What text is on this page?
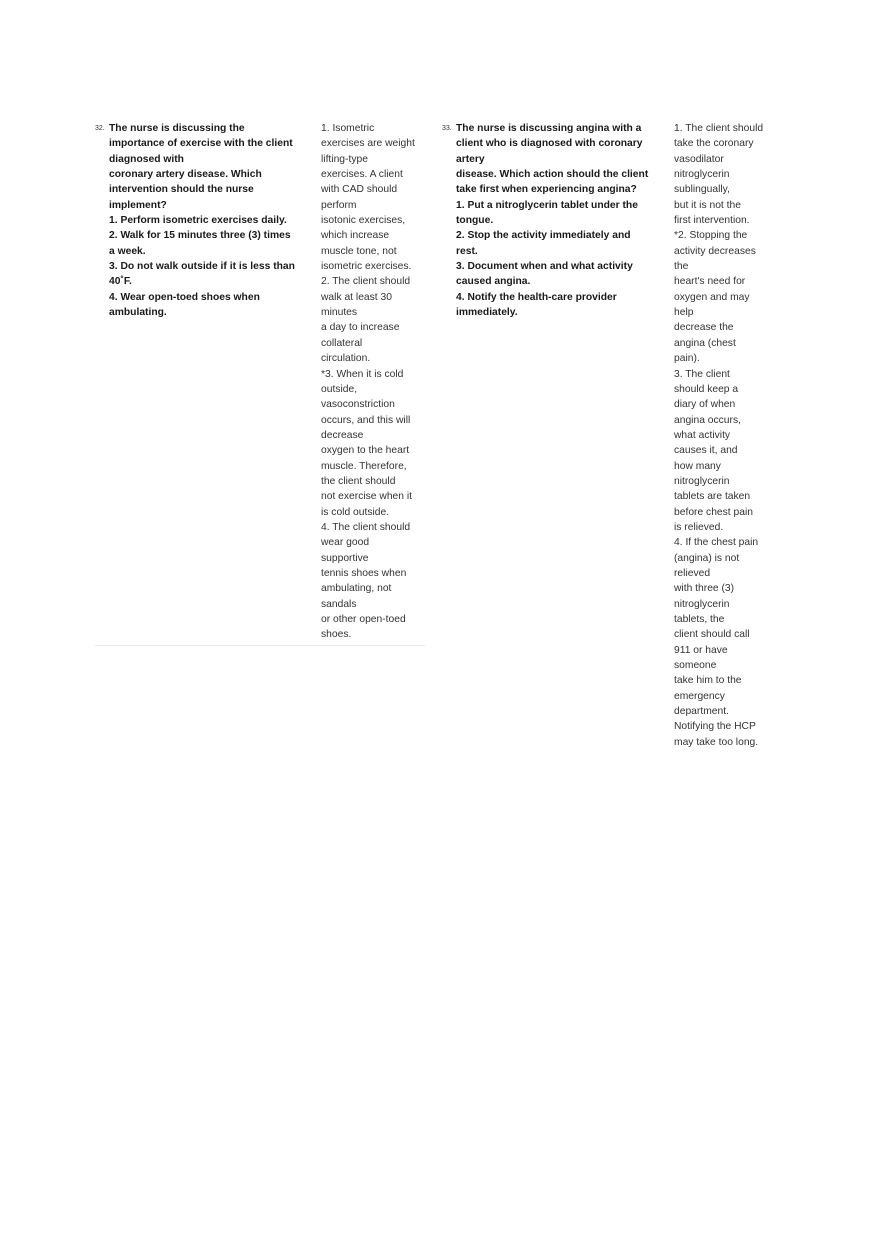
32. The nurse is discussing the
importance of exercise with the client
diagnosed with
coronary artery disease. Which
intervention should the nurse
implement?
1. Perform isometric exercises daily.
2. Walk for 15 minutes three (3) times
a week.
3. Do not walk outside if it is less than
40˚F.
4. Wear open-toed shoes when
ambulating.
1. Isometric
exercises are weight
lifting-type
exercises. A client
with CAD should
perform
isotonic exercises,
which increase
muscle tone, not
isometric exercises.
2. The client should
walk at least 30
minutes
a day to increase
collateral
circulation.
*3. When it is cold
outside,
vasoconstriction
occurs, and this will
decrease
oxygen to the heart
muscle. Therefore,
the client should
not exercise when it
is cold outside.
4. The client should
wear good
supportive
tennis shoes when
ambulating, not
sandals
or other open-toed
shoes.
33. The nurse is discussing angina with a
client who is diagnosed with coronary
artery
disease. Which action should the client
take first when experiencing angina?
1. Put a nitroglycerin tablet under the
tongue.
2. Stop the activity immediately and
rest.
3. Document when and what activity
caused angina.
4. Notify the health-care provider
immediately.
1. The client should
take the coronary
vasodilator
nitroglycerin
sublingually,
but it is not the
first intervention.
*2. Stopping the
activity decreases
the
heart's need for
oxygen and may
help
decrease the
angina (chest
pain).
3. The client
should keep a
diary of when
angina occurs,
what activity
causes it, and
how many
nitroglycerin
tablets are taken
before chest pain
is relieved.
4. If the chest pain
(angina) is not
relieved
with three (3)
nitroglycerin
tablets, the
client should call
911 or have
someone
take him to the
emergency
department.
Notifying the HCP
may take too long.
